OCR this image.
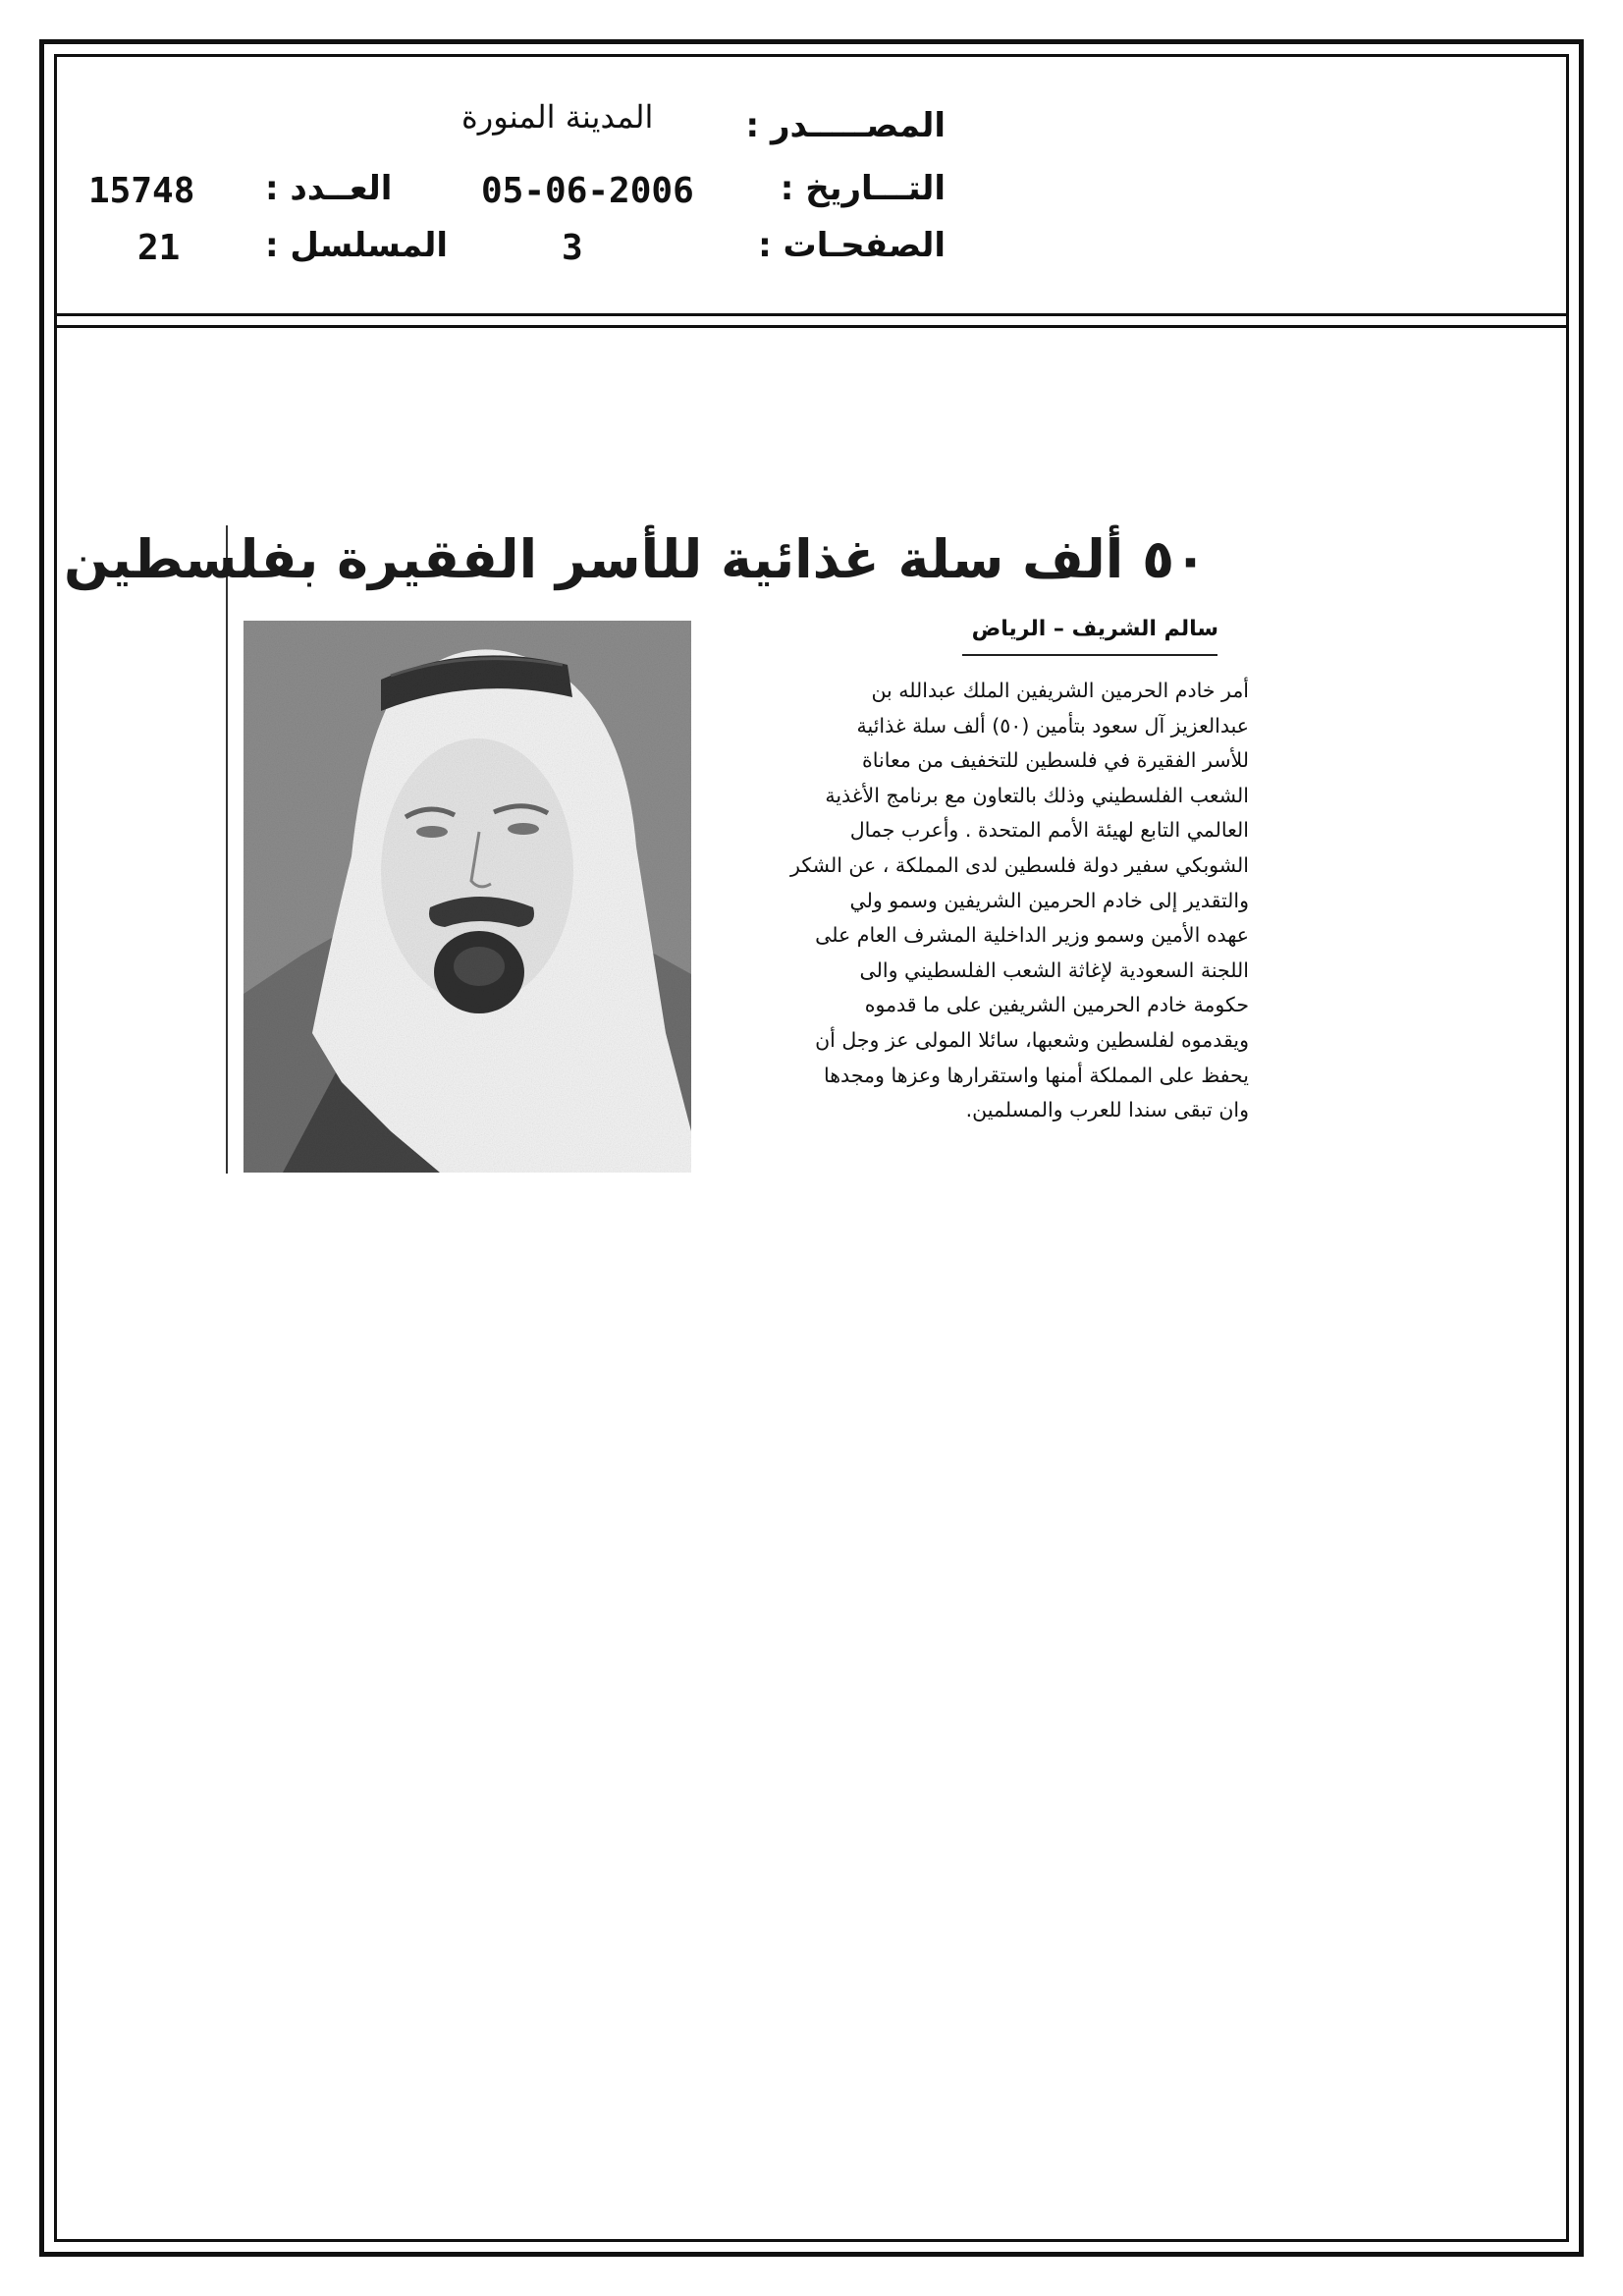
المصـــــدر :
المدينة المنورة
التـــاريخ :
05-06-2006
الصفحـات :
3
العــدد :
15748
المسلسل :
21
٥٠ ألف سلة غذائية للأسر الفقيرة بفلسطين
سالم الشريف – الرياض

أمر خادم الحرمين الشريفين الملك عبدالله بن

عبدالعزيز آل سعود بتأمين (٥٠) ألف سلة غذائية

للأسر الفقيرة في فلسطين للتخفيف من معاناة

الشعب الفلسطيني وذلك بالتعاون مع برنامج الأغذية

العالمي التابع لهيئة الأمم المتحدة . وأعرب جمال

الشوبكي سفير دولة فلسطين لدى المملكة ، عن الشكر

والتقدير إلى خادم الحرمين الشريفين وسمو ولي

عهده الأمين وسمو وزير الداخلية المشرف العام على

اللجنة السعودية لإغاثة الشعب الفلسطيني والى

حكومة خادم الحرمين الشريفين على ما قدموه

ويقدموه لفلسطين وشعبها، سائلا المولى عز وجل أن

يحفظ على المملكة أمنها واستقرارها وعزها ومجدها

وان تبقى سندا للعرب والمسلمين.
